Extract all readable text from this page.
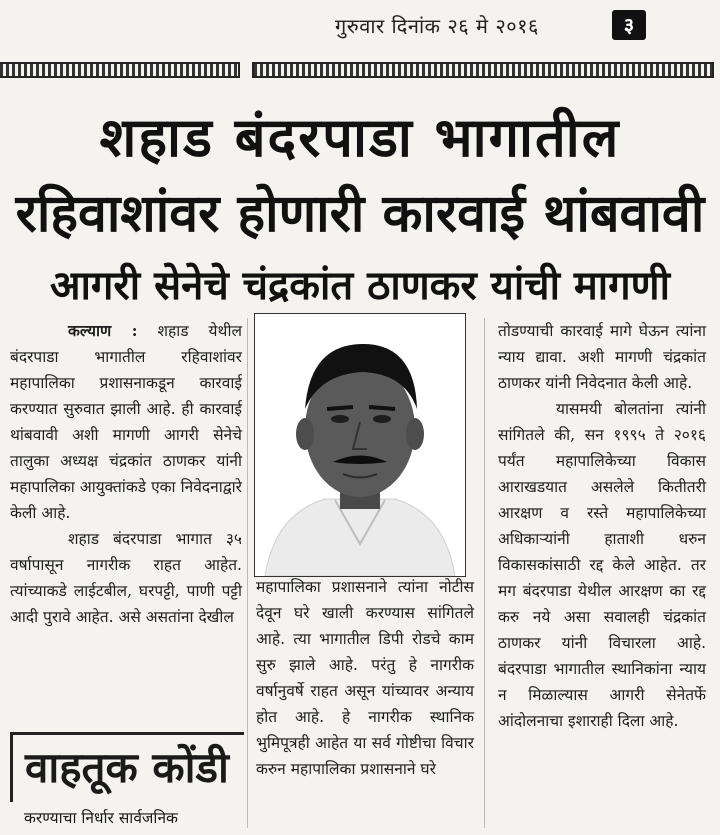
गुरुवार दिनांक २६ मे २०१६	३
शहाड बंदरपाडा भागातील
रहिवाशांवर होणारी कारवाई थांबवावी
आगरी सेनेचे चंद्रकांत ठाणकर यांची मागणी

कल्याण : शहाड येथील बंदरपाडा भागातील रहिवाशांवर महापालिका प्रशासनाकडून कारवाई करण्यात सुरुवात झाली आहे. ही कारवाई थांबवावी अशी मागणी आगरी सेनेचे तालुका अध्यक्ष चंद्रकांत ठाणकर यांनी महापालिका आयुक्तांकडे एका निवेदनाद्वारे केली आहे.

शहाड बंदरपाडा भागात ३५ वर्षापासून नागरीक राहत आहेत. त्यांच्याकडे लाईटबील, घरपट्टी, पाणी पट्टी आदी पुरावे आहेत. असे असतांना देखील

महापालिका प्रशासनाने त्यांना नोटीस देवून घरे खाली करण्यास सांगितले आहे. त्या भागातील डिपी रोडचे काम सुरु झाले आहे. परंतु हे नागरीक वर्षानुवर्षे राहत असून यांच्यावर अन्याय होत आहे. हे नागरीक स्थानिक भुमिपूत्रही आहेत या सर्व गोष्टीचा विचार करुन महापालिका प्रशासनाने घरे

तोडण्याची कारवाई मागे घेऊन त्यांना न्याय द्यावा. अशी मागणी चंद्रकांत ठाणकर यांनी निवेदनात केली आहे.

यासमयी बोलतांना त्यांनी सांगितले की, सन १९९५ ते २०१६ पर्यंत महापालिकेच्या विकास आराखडयात असलेले कितीतरी आरक्षण व रस्ते महापालिकेच्या अधिकाऱ्यांनी हाताशी धरुन विकासकांसाठी रद्द केले आहेत. तर मग बंदरपाडा येथील आरक्षण का रद्द करु नये असा सवालही चंद्रकांत ठाणकर यांनी विचारला आहे. बंदरपाडा भागातील स्थानिकांना न्याय न मिळाल्यास आगरी सेनेतर्फे आंदोलनाचा इशाराही दिला आहे.

वाहतूक कोंडी
करण्याचा निर्धार सार्वजनिक
